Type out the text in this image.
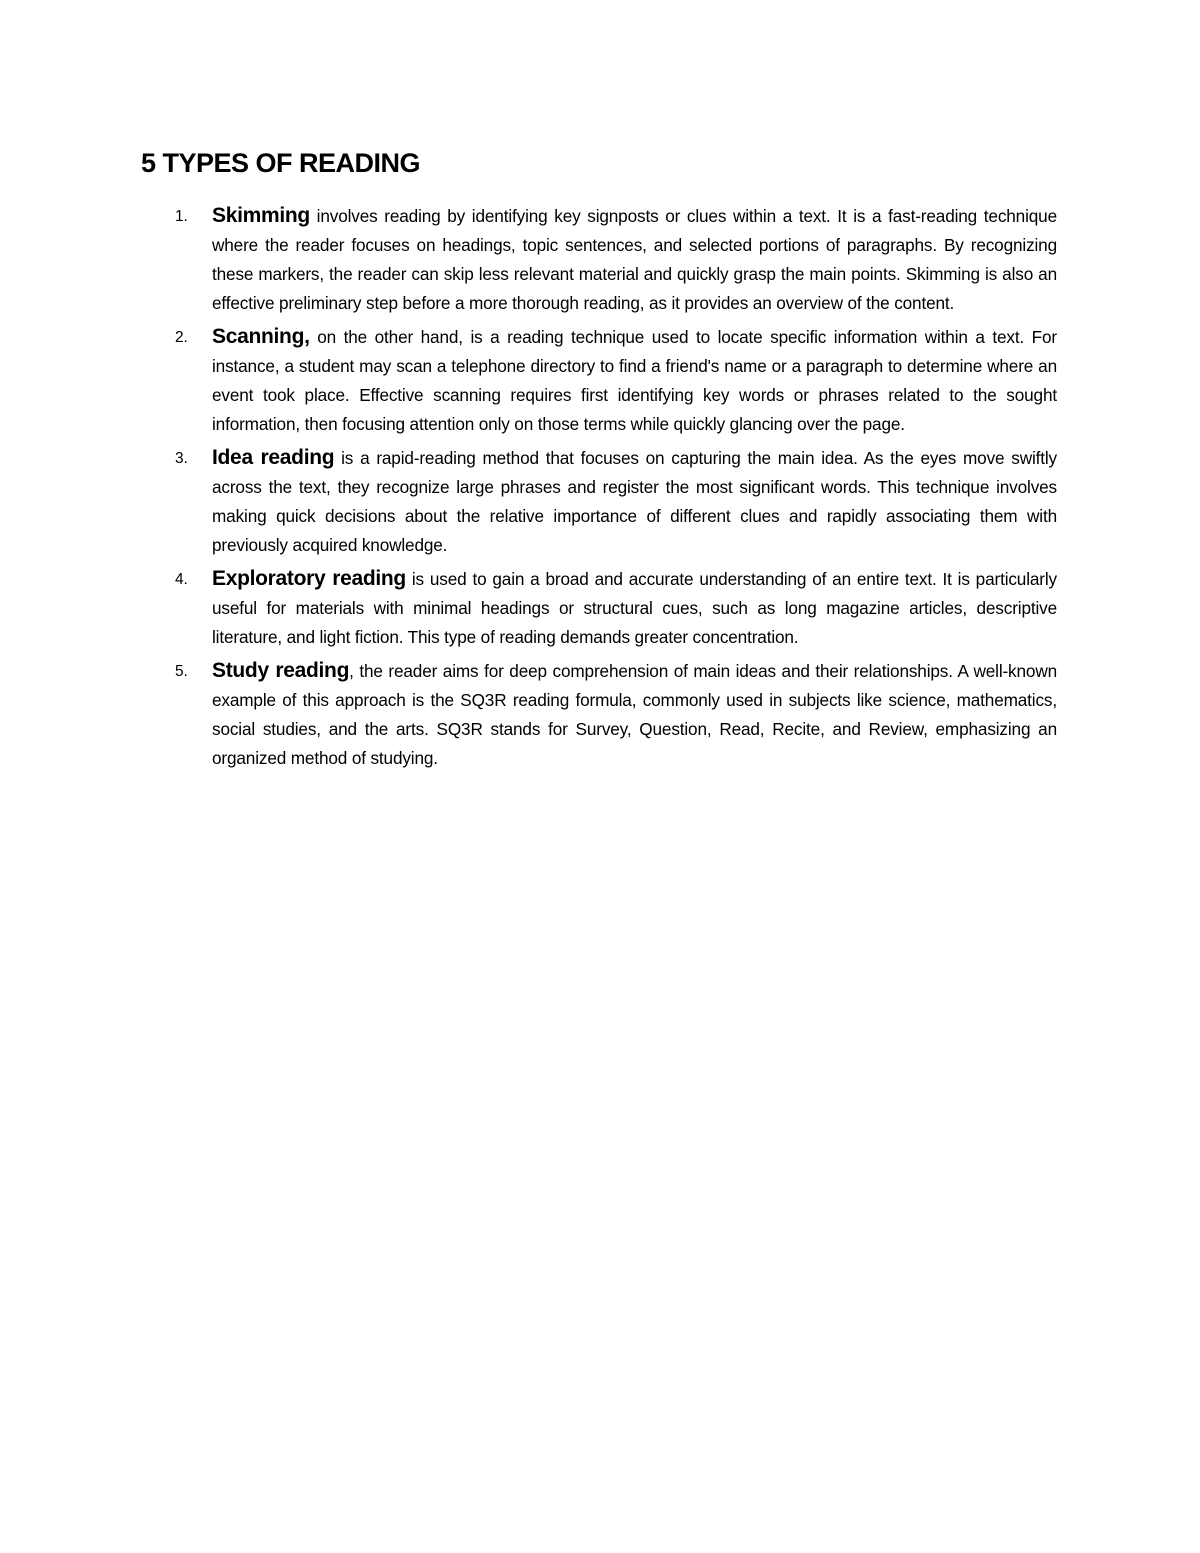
5 TYPES OF READING
1.	Skimming involves reading by identifying key signposts or clues within a text. It is a fast-reading technique where the reader focuses on headings, topic sentences, and selected portions of paragraphs. By recognizing these markers, the reader can skip less relevant material and quickly grasp the main points. Skimming is also an effective preliminary step before a more thorough reading, as it provides an overview of the content.
2.	Scanning, on the other hand, is a reading technique used to locate specific information within a text. For instance, a student may scan a telephone directory to find a friend's name or a paragraph to determine where an event took place. Effective scanning requires first identifying key words or phrases related to the sought information, then focusing attention only on those terms while quickly glancing over the page.
3.	Idea reading is a rapid-reading method that focuses on capturing the main idea. As the eyes move swiftly across the text, they recognize large phrases and register the most significant words. This technique involves making quick decisions about the relative importance of different clues and rapidly associating them with previously acquired knowledge.
4.	Exploratory reading is used to gain a broad and accurate understanding of an entire text. It is particularly useful for materials with minimal headings or structural cues, such as long magazine articles, descriptive literature, and light fiction. This type of reading demands greater concentration.
5.	Study reading, the reader aims for deep comprehension of main ideas and their relationships. A well-known example of this approach is the SQ3R reading formula, commonly used in subjects like science, mathematics, social studies, and the arts. SQ3R stands for Survey, Question, Read, Recite, and Review, emphasizing an organized method of studying.
